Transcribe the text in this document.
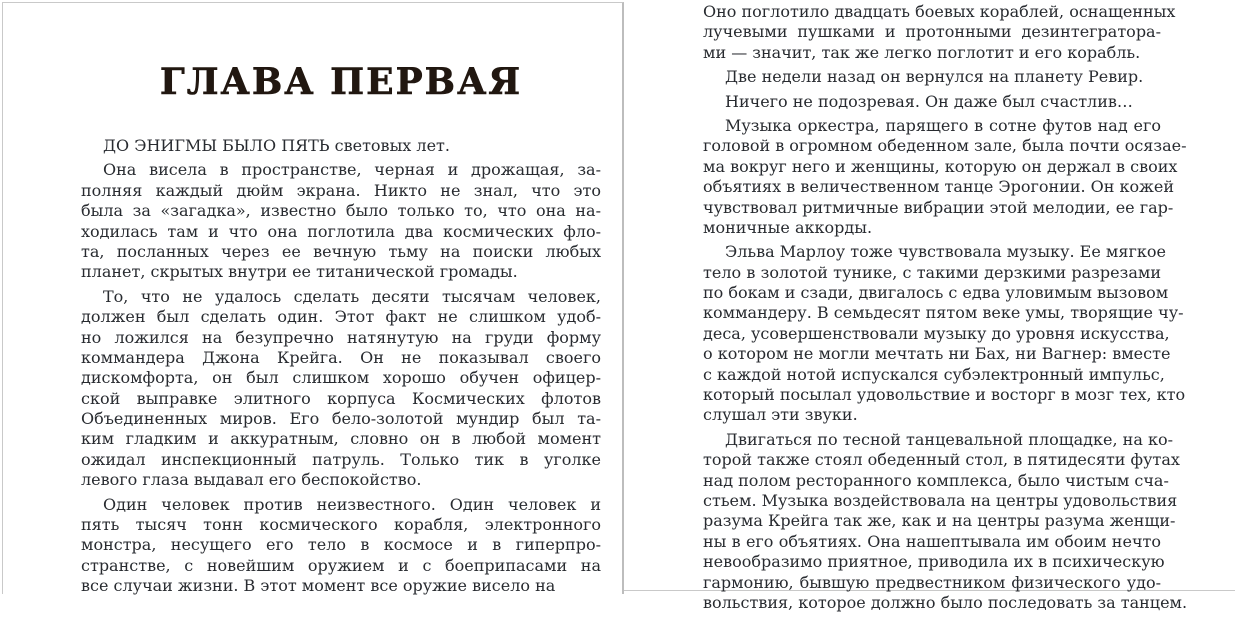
ГЛАВА ПЕРВАЯ
ДО ЭНИГМЫ БЫЛО ПЯТЬ световых лет.
Она висела в пространстве, черная и дрожащая, за-
полняя каждый дюйм экрана. Никто не знал, что это
была за «загадка», известно было только то, что она на-
ходилась там и что она поглотила два космических фло-
та, посланных через ее вечную тьму на поиски любых
планет, скрытых внутри ее титанической громады.
То, что не удалось сделать десяти тысячам человек,
должен был сделать один. Этот факт не слишком удоб-
но ложился на безупречно натянутую на груди форму
коммандера Джона Крейга. Он не показывал своего
дискомфорта, он был слишком хорошо обучен офицер-
ской выправке элитного корпуса Космических флотов
Объединенных миров. Его бело-золотой мундир был та-
ким гладким и аккуратным, словно он в любой момент
ожидал инспекционный патруль. Только тик в уголке
левого глаза выдавал его беспокойство.
Один человек против неизвестного. Один человек и
пять тысяч тонн космического корабля, электронного
монстра, несущего его тело в космосе и в гиперпро-
странстве, с новейшим оружием и с боеприпасами на
все случаи жизни. В этот момент все оружие висело на
Оно поглотило двадцать боевых кораблей, оснащенных
лучевыми пушками и протонными дезинтегратора-
ми — значит, так же легко поглотит и его корабль.
Две недели назад он вернулся на планету Ревир.
Ничего не подозревая. Он даже был счастлив…
Музыка оркестра, парящего в сотне футов над его
головой в огромном обеденном зале, была почти осязае-
ма вокруг него и женщины, которую он держал в своих
объятиях в величественном танце Эрогонии. Он кожей
чувствовал ритмичные вибрации этой мелодии, ее гар-
моничные аккорды.
Эльва Марлоу тоже чувствовала музыку. Ее мягкое
тело в золотой тунике, с такими дерзкими разрезами
по бокам и сзади, двигалось с едва уловимым вызовом
коммандеру. В семьдесят пятом веке умы, творящие чу-
деса, усовершенствовали музыку до уровня искусства,
о котором не могли мечтать ни Бах, ни Вагнер: вместе
с каждой нотой испускался субэлектронный импульс,
который посылал удовольствие и восторг в мозг тех, кто
слушал эти звуки.
Двигаться по тесной танцевальной площадке, на ко-
торой также стоял обеденный стол, в пятидесяти футах
над полом ресторанного комплекса, было чистым сча-
стьем. Музыка воздействовала на центры удовольствия
разума Крейга так же, как и на центры разума женщи-
ны в его объятиях. Она нашептывала им обоим нечто
невообразимо приятное, приводила их в психическую
гармонию, бывшую предвестником физического удо-
вольствия, которое должно было последовать за танцем.
